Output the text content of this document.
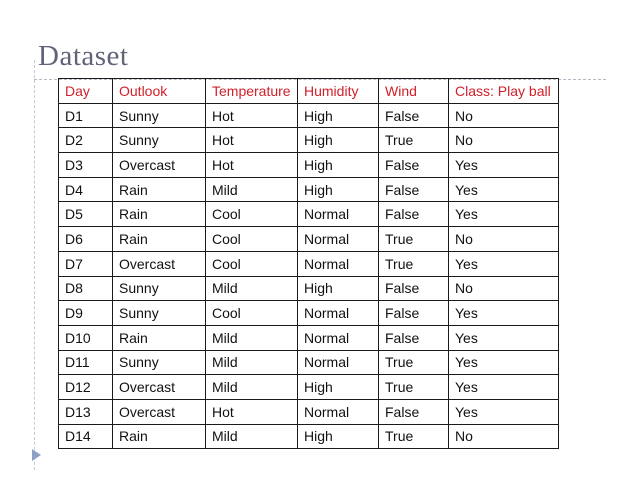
Dataset
Day	Outlook	Temperature	Humidity	Wind	Class: Play ball
D1	Sunny	Hot	High	False	No
D2	Sunny	Hot	High	True	No
D3	Overcast	Hot	High	False	Yes
D4	Rain	Mild	High	False	Yes
D5	Rain	Cool	Normal	False	Yes
D6	Rain	Cool	Normal	True	No
D7	Overcast	Cool	Normal	True	Yes
D8	Sunny	Mild	High	False	No
D9	Sunny	Cool	Normal	False	Yes
D10	Rain	Mild	Normal	False	Yes
D11	Sunny	Mild	Normal	True	Yes
D12	Overcast	Mild	High	True	Yes
D13	Overcast	Hot	Normal	False	Yes
D14	Rain	Mild	High	True	No
